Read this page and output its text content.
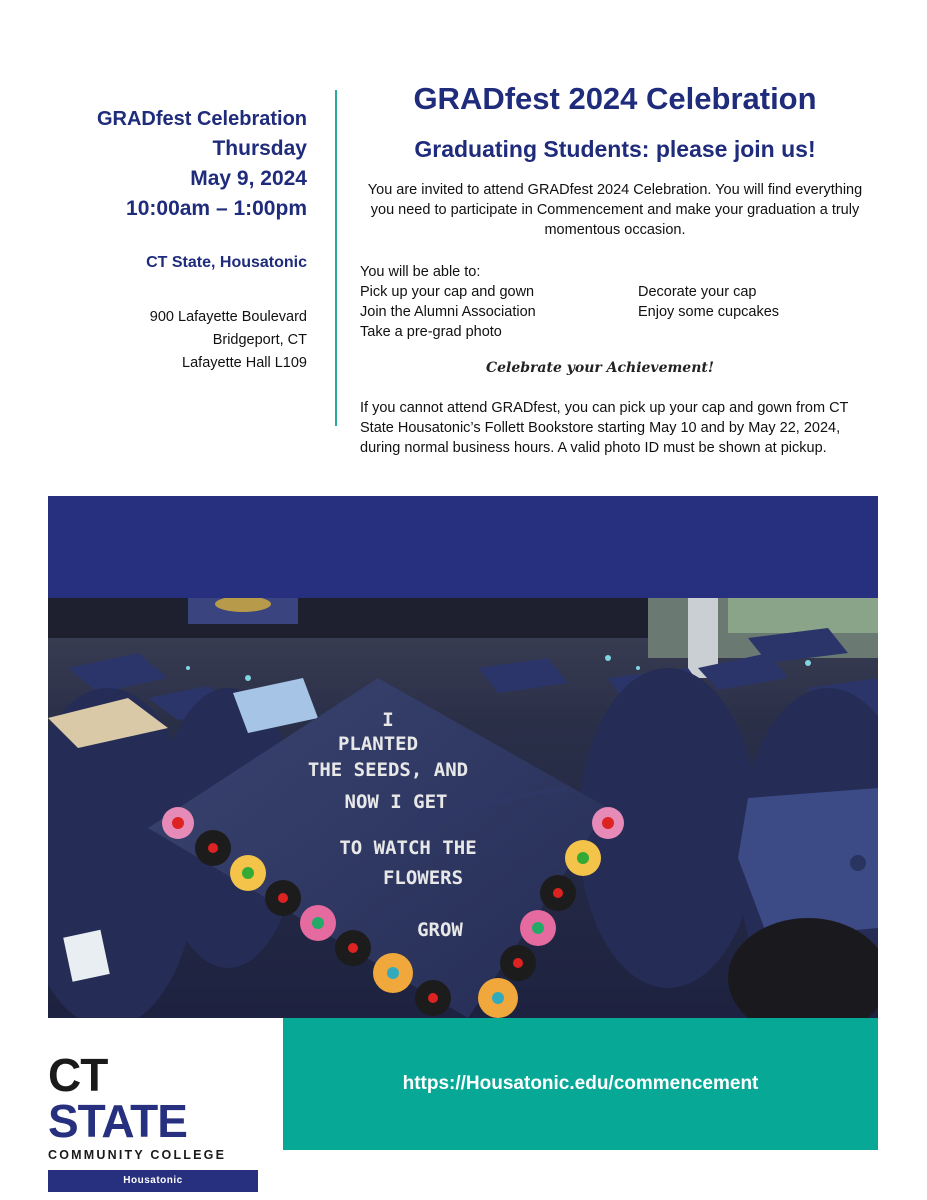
GRADfest Celebration
Thursday
May 9, 2024
10:00am – 1:00pm
CT State, Housatonic
900 Lafayette Boulevard
Bridgeport, CT
Lafayette Hall L109
GRADfest 2024 Celebration
Graduating Students: please join us!
You are invited to attend GRADfest 2024 Celebration. You will find everything you need to participate in Commencement and make your graduation a truly momentous occasion.
You will be able to:
Pick up your cap and gown	Decorate your cap
Join the Alumni Association	Enjoy some cupcakes
Take a pre-grad photo
Celebrate your Achievement!
If you cannot attend GRADfest, you can pick up your cap and gown from CT State Housatonic’s Follett Bookstore starting May 10 and by May 22, 2024, during normal business hours. A valid photo ID must be shown at pickup.
I
PLANTED
THE SEEDS, AND
NOW I GET
TO WATCH THE
FLOWERS
GROW
CT STATE
COMMUNITY COLLEGE
Housatonic
https://Housatonic.edu/commencement
